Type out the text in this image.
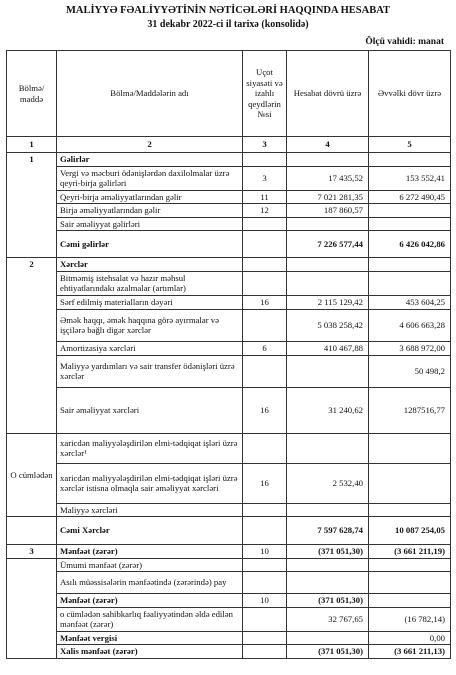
MALİYYƏ FƏALİYYƏTİNİN NƏTİCƏLƏRİ HAQQINDA HESABAT
31 dekabr 2022-ci il tarixə (konsolidə)
Ölçü vahidi: manat
Bölmə/ maddə	Bölmə/Maddələrin adı	Uçot siyasəti və izahlı qeydlərin №si	Hesabat dövrü üzrə	Əvvəlki dövr üzrə
1	2	3	4	5
1	Gəlirlər			
	Vergi və məcburi ödənişlərdən daxilolmalar üzrə qeyri-birja gəlirləri	3	17 435,52	153 552,41
	Qeyri-birja əməliyyatlarından gəlir	11	7 021 281,35	6 272 490,45
	Birja əməliyyatlarından gəlir	12	187 860,57	
	Sair əməliyyat gəlirləri			
	Cəmi gəlirlər		7 226 577,44	6 426 042,86
2	Xərclər			
	Bitməmiş istehsalat və hazır məhsul ehtiyatlarındakı azalmalar (artımlar)			
	Sərf edilmiş materialların dəyəri	16	2 115 129,42	453 604,25
	Əmək haqqı, əmək haqqına görə ayırmalar və işçilərə bağlı digər xərclər		5 038 258,42	4 606 663,28
	Amortizasiya xərcləri	6	410 467,88	3 688 972,00
	Maliyyə yardımları və sair transfer ödənişləri üzrə xərclər			50 498,2
	Sair əməliyyat xərcləri	16	31 240,62	1287516,77
O cümlədən	xaricdən maliyyələşdirilən elmi-tədqiqat işləri üzrə xərclər¹			
	xaricdən maliyyələşdirilən elmi-tədqiqat işləri üzrə xərclər istisna olmaqla sair əməliyyat xərcləri	16	2 532,40	
	Maliyyə xərcləri			
	Cəmi Xərclər		7 597 628,74	10 087 254,05
3	Mənfəət (zərər)	10	(371 051,30)	(3 661 211,19)
	Ümumi mənfəət (zərər)			
	Asılı müəssisələrin mənfəətində (zərərində) pay			
	Mənfəət (zərər)	10	(371 051,30)	
	o cümlədən sahibkarlıq fəaliyyətindən əldə edilən mənfəət (zərər)		32 767,65	(16 782,14)
	Mənfəət vergisi			0,00
	Xalis mənfəət (zərər)		(371 051,30)	(3 661 211,13)
